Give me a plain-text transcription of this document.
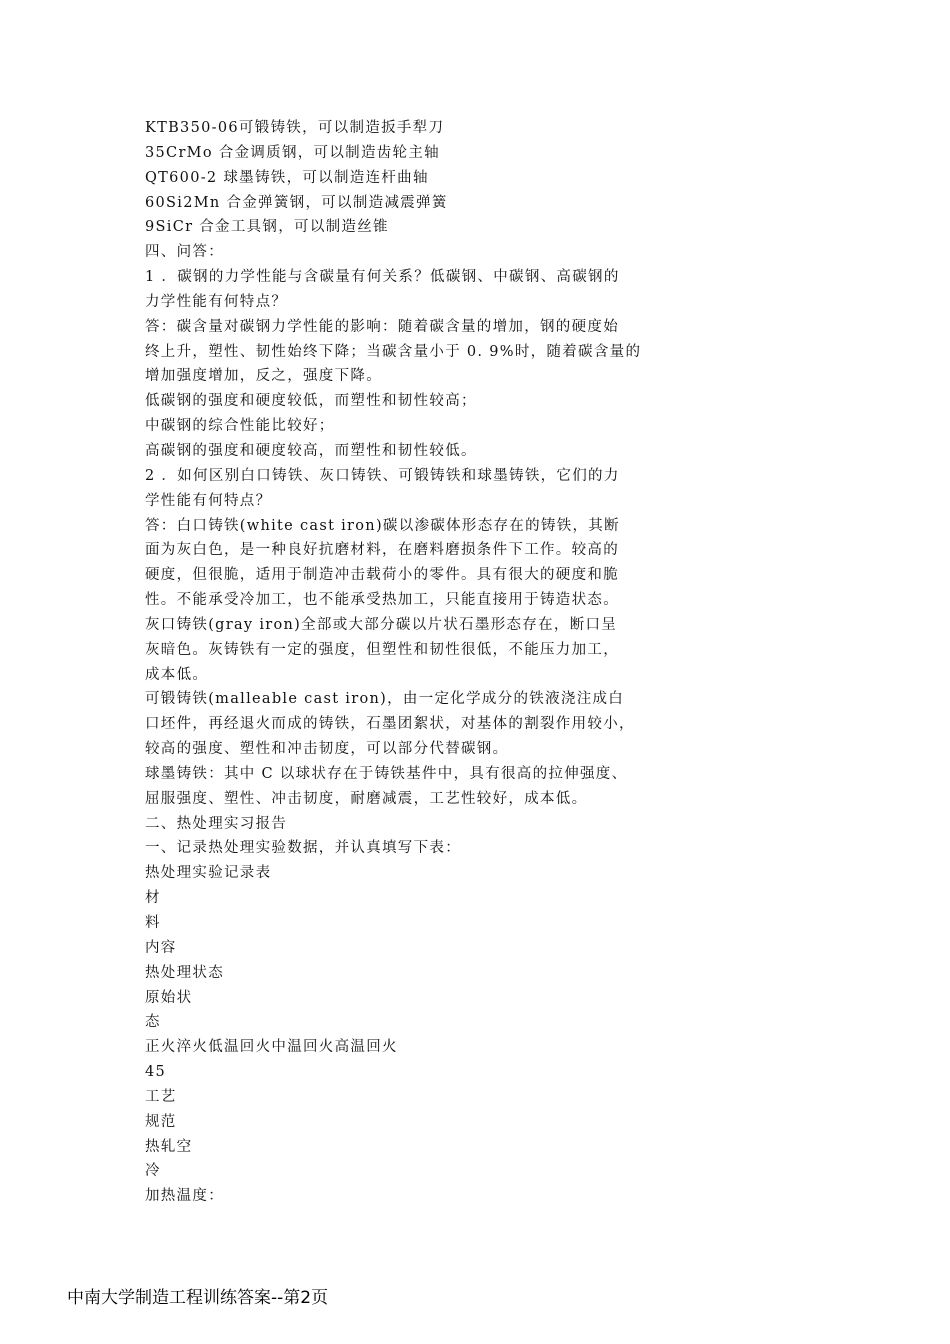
KTB350-06可锻铸铁，可以制造扳手犁刀
35CrMo 合金调质钢，可以制造齿轮主轴
QT600-2 球墨铸铁，可以制造连杆曲轴
60Si2Mn 合金弹簧钢，可以制造减震弹簧
9SiCr 合金工具钢，可以制造丝锥
四、问答：
1 ．碳钢的力学性能与含碳量有何关系？低碳钢、中碳钢、高碳钢的
力学性能有何特点？
答：碳含量对碳钢力学性能的影响：随着碳含量的增加，钢的硬度始
终上升，塑性、韧性始终下降；当碳含量小于 0. 9%时，随着碳含量的
增加强度增加，反之，强度下降。
低碳钢的强度和硬度较低，而塑性和韧性较高；
中碳钢的综合性能比较好；
高碳钢的强度和硬度较高，而塑性和韧性较低。
2 ．如何区别白口铸铁、灰口铸铁、可锻铸铁和球墨铸铁，它们的力
学性能有何特点？
答：白口铸铁(white cast iron)碳以渗碳体形态存在的铸铁，其断
面为灰白色，是一种良好抗磨材料，在磨料磨损条件下工作。较高的
硬度，但很脆，适用于制造冲击载荷小的零件。具有很大的硬度和脆
性。不能承受冷加工，也不能承受热加工，只能直接用于铸造状态。
灰口铸铁(gray iron)全部或大部分碳以片状石墨形态存在，断口呈
灰暗色。灰铸铁有一定的强度，但塑性和韧性很低，不能压力加工，
成本低。
可锻铸铁(malleable cast iron)，由一定化学成分的铁液浇注成白
口坯件，再经退火而成的铸铁，石墨团絮状，对基体的割裂作用较小，
较高的强度、塑性和冲击韧度，可以部分代替碳钢。
球墨铸铁：其中 C 以球状存在于铸铁基件中，具有很高的拉伸强度、
屈服强度、塑性、冲击韧度，耐磨减震，工艺性较好，成本低。
二、热处理实习报告
一、记录热处理实验数据，并认真填写下表：
热处理实验记录表
材
料
内容
热处理状态
原始状
态
正火淬火低温回火中温回火高温回火
45
工艺
规范
热轧空
冷
加热温度：
中南大学制造工程训练答案--第2页
